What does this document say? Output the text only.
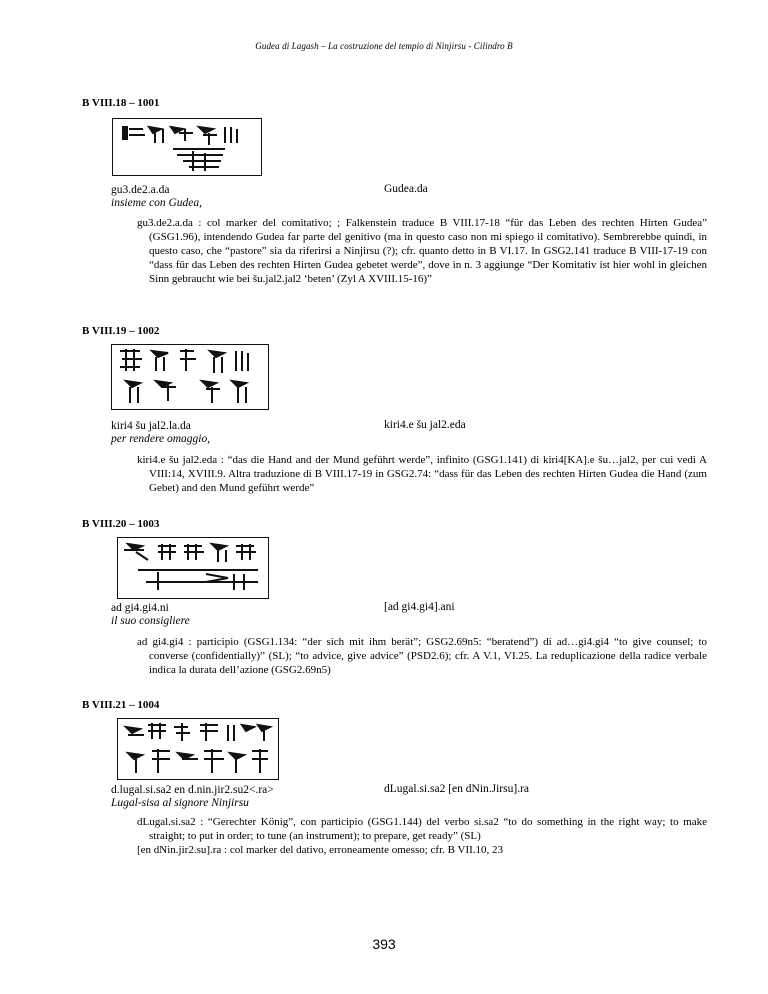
Gudea di Lagash – La costruzione del tempio di Ninjirsu - Cilindro B
B VIII.18 – 1001
gu3.de2.a.da	Gudea.da
insieme con Gudea,

gu3.de2.a.da : col marker del comitativo; ; Falkenstein traduce B VIII.17-18 “für das Leben des rechten Hirten Gudea” (GSG1.96), intendendo Gudea far parte del genitivo (ma in questo caso non mi spiego il comitativo). Sembrerebbe quindi, in questo caso, che “pastore” sia da riferirsi a Ninjirsu (?); cfr. quanto detto in B VI.17. In GSG2.141 traduce B VIII-17-19 con “dass für das Leben des rechten Hirten Gudea gebetet werde”, dove in n. 3 aggiunge “Der Komitativ ist hier wohl in gleichen Sinn gebraucht wie bei šu.jal2.jal2 ‘beten’ (Zyl A XVIII.15-16)”

B VIII.19 – 1002
kiri4 šu jal2.la.da	kiri4.e šu jal2.eda
per rendere omaggio,

kiri4.e šu jal2.eda : “das die Hand and der Mund geführt werde”, infinito (GSG1.141) di kiri4[KA].e šu…jal2, per cui vedi A VIII:14, XVIII.9. Altra traduzione di B VIII.17-19 in GSG2.74: “dass für das Leben des rechten Hirten Gudea die Hand (zum Gebet) and den Mund geführt werde”

B VIII.20 – 1003
ad gi4.gi4.ni	[ad gi4.gi4].ani
il suo consigliere

ad gi4.gi4 : participio (GSG1.134: “der sich mit ihm berät”; GSG2.69n5: “beratend”) di ad…gi4.gi4 “to give counsel; to converse (confidentially)” (SL); “to advice, give advice” (PSD2.6); cfr. A V.1, VI.25. La reduplicazione della radice verbale indica la durata dell’azione (GSG2.69n5)

B VIII.21 – 1004
d.lugal.si.sa2 en d.nin.jir2.su2<.ra>	dLugal.si.sa2 [en dNin.Jirsu].ra
Lugal-sisa al signore Ninjirsu

dLugal.si.sa2 : “Gerechter König”, con participio (GSG1.144) del verbo si.sa2 “to do something in the right way; to make straight; to put in order; to tune (an instrument); to prepare, get ready” (SL)

[en dNin.jir2.su].ra : col marker del dativo, erroneamente omesso; cfr. B VII.10, 23

393
